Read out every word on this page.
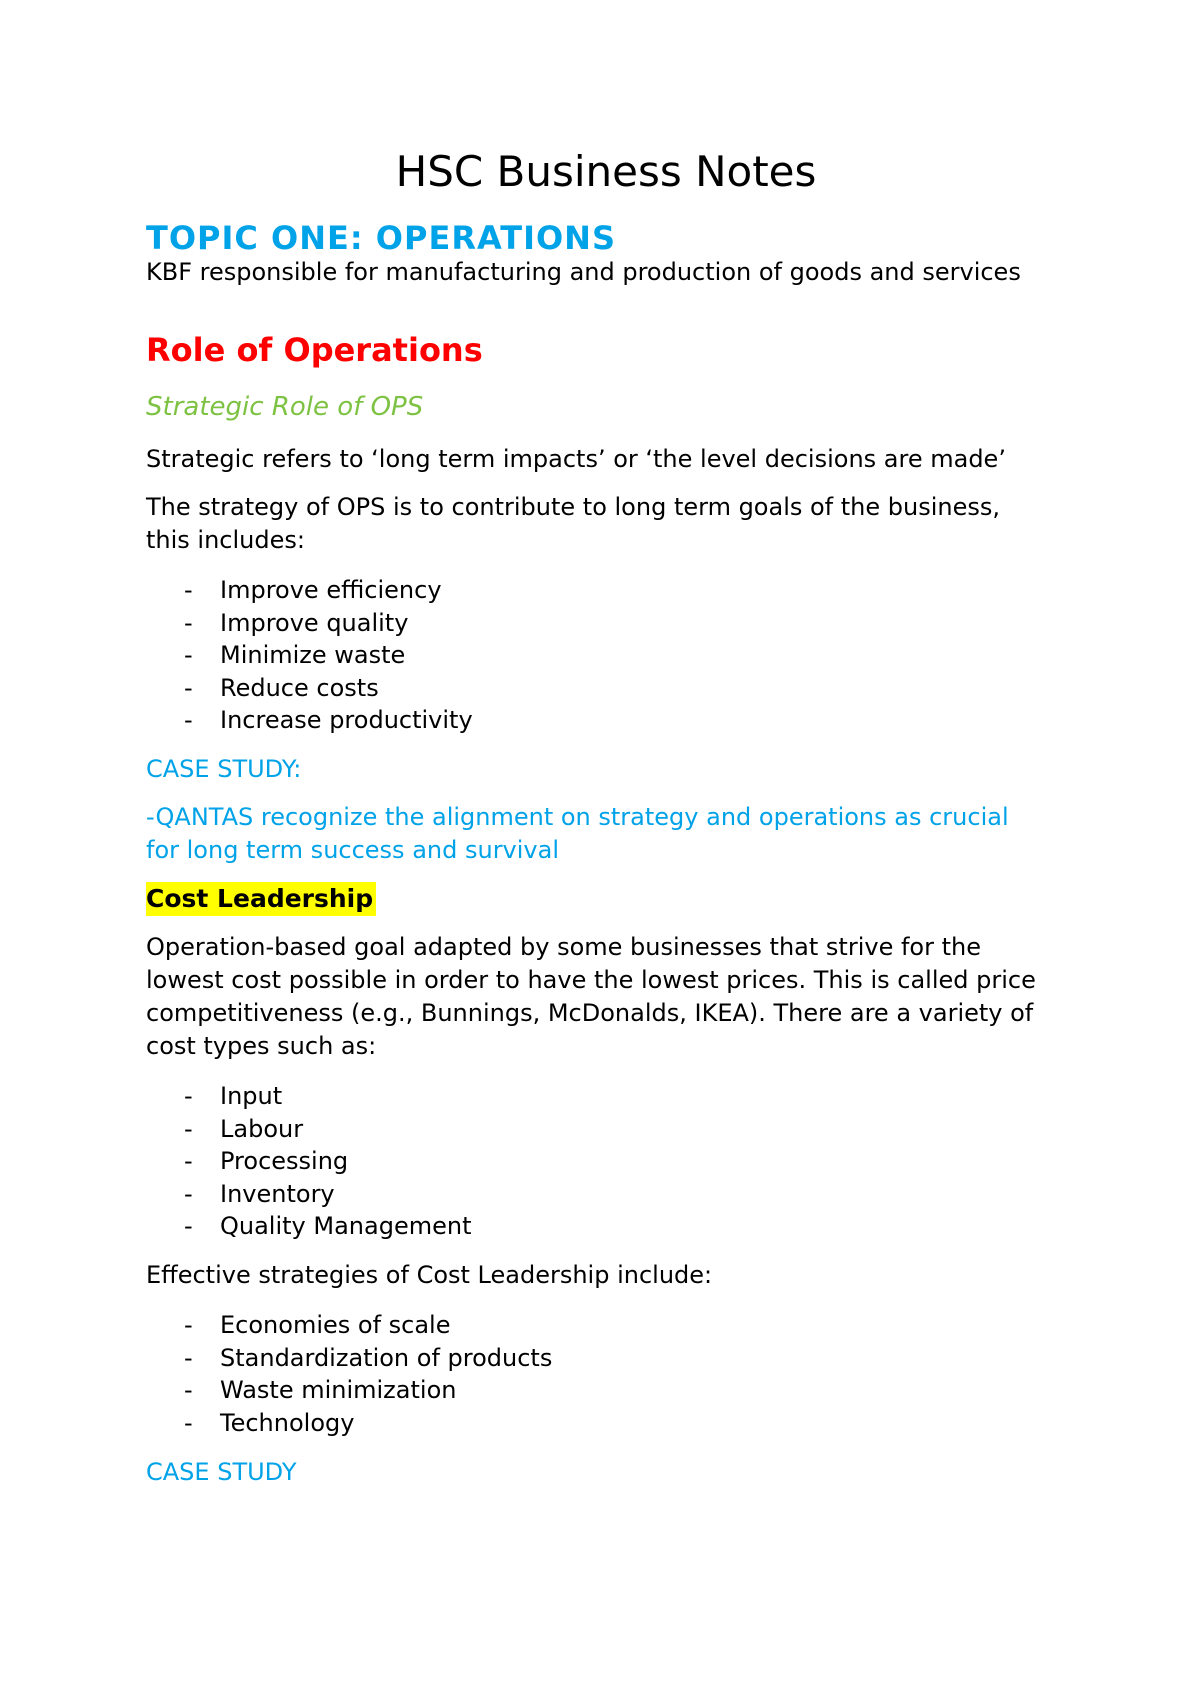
HSC Business Notes
TOPIC ONE: OPERATIONS

KBF responsible for manufacturing and production of goods and services

Role of Operations
Strategic Role of OPS

Strategic refers to ‘long term impacts’ or ‘the level decisions are made’

The strategy of OPS is to contribute to long term goals of the business,

this includes:

- Improve efficiency
- Improve quality
- Minimize waste
- Reduce costs
- Increase productivity

CASE STUDY:

-QANTAS recognize the alignment on strategy and operations as crucial

for long term success and survival

Cost Leadership

Operation-based goal adapted by some businesses that strive for the

lowest cost possible in order to have the lowest prices. This is called price

competitiveness (e.g., Bunnings, McDonalds, IKEA). There are a variety of

cost types such as:

- Input
- Labour
- Processing
- Inventory
- Quality Management

Effective strategies of Cost Leadership include:

- Economies of scale
- Standardization of products
- Waste minimization
- Technology

CASE STUDY
